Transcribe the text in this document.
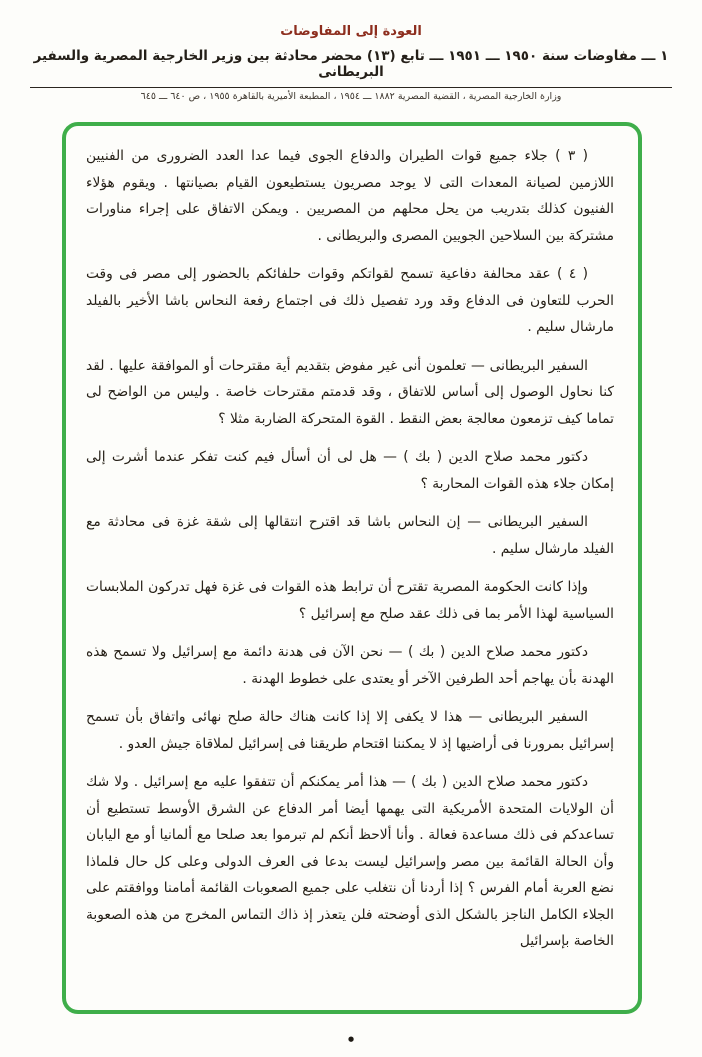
العودة إلى المفاوضات
١ ـــ مفاوضات سنة ١٩٥٠ ـــ ١٩٥١ ـــ تابع (١٣) محضر محادثة بين وزير الخارجية المصرية والسفير البريطانى
وزارة الخارجية المصرية ، القضية المصرية ١٨٨٢ ـــ ١٩٥٤ ، المطبعة الأميرية بالقاهرة ١٩٥٥ ، ص ٦٤٠ ـــ ٦٤٥

( ٣ ) جلاء جميع قوات الطيران والدفاع الجوى فيما عدا العدد الضرورى من الفنيين اللازمين لصيانة المعدات التى لا يوجد مصريون يستطيعون القيام بصيانتها . ويقوم هؤلاء الفنيون كذلك بتدريب من يحل محلهم من المصريين . ويمكن الاتفاق على إجراء مناورات مشتركة بين السلاحين الجويين المصرى والبريطانى .

( ٤ ) عقد محالفة دفاعية تسمح لقواتكم وقوات حلفائكم بالحضور إلى مصر فى وقت الحرب للتعاون فى الدفاع وقد ورد تفصيل ذلك فى اجتماع رفعة النحاس باشا الأخير بالفيلد مارشال سليم .

السفير البريطانى — تعلمون أنى غير مفوض بتقديم أية مقترحات أو الموافقة عليها . لقد كنا نحاول الوصول إلى أساس للاتفاق ، وقد قدمتم مقترحات خاصة . وليس من الواضح لى تماما كيف تزمعون معالجة بعض النقط . القوة المتحركة الضاربة مثلا ؟

دكتور محمد صلاح الدين ( بك ) — هل لى أن أسأل فيم كنت تفكر عندما أشرت إلى إمكان جلاء هذه القوات المحاربة ؟

السفير البريطانى — إن النحاس باشا قد اقترح انتقالها إلى شقة غزة فى محادثة مع الفيلد مارشال سليم .

وإذا كانت الحكومة المصرية تقترح أن ترابط هذه القوات فى غزة فهل تدركون الملابسات السياسية لهذا الأمر بما فى ذلك عقد صلح مع إسرائيل ؟

دكتور محمد صلاح الدين ( بك ) — نحن الآن فى هدنة دائمة مع إسرائيل ولا تسمح هذه الهدنة بأن يهاجم أحد الطرفين الآخر أو يعتدى على خطوط الهدنة .

السفير البريطانى — هذا لا يكفى إلا إذا كانت هناك حالة صلح نهائى واتفاق بأن تسمح إسرائيل بمرورنا فى أراضيها إذ لا يمكننا اقتحام طريقنا فى إسرائيل لملاقاة جيش العدو .

دكتور محمد صلاح الدين ( بك ) — هذا أمر يمكنكم أن تتفقوا عليه مع إسرائيل . ولا شك أن الولايات المتحدة الأمريكية التى يهمها أيضا أمر الدفاع عن الشرق الأوسط تستطيع أن تساعدكم فى ذلك مساعدة فعالة . وأنا ألاحظ أنكم لم تبرموا بعد صلحا مع ألمانيا أو مع اليابان وأن الحالة القائمة بين مصر وإسرائيل ليست بدعا فى العرف الدولى وعلى كل حال فلماذا نضع العربة أمام الفرس ؟ إذا أردنا أن نتغلب على جميع الصعوبات القائمة أمامنا ووافقتم على الجلاء الكامل الناجز بالشكل الذى أوضحته فلن يتعذر إذ ذاك التماس المخرج من هذه الصعوبة الخاصة بإسرائيل

•
